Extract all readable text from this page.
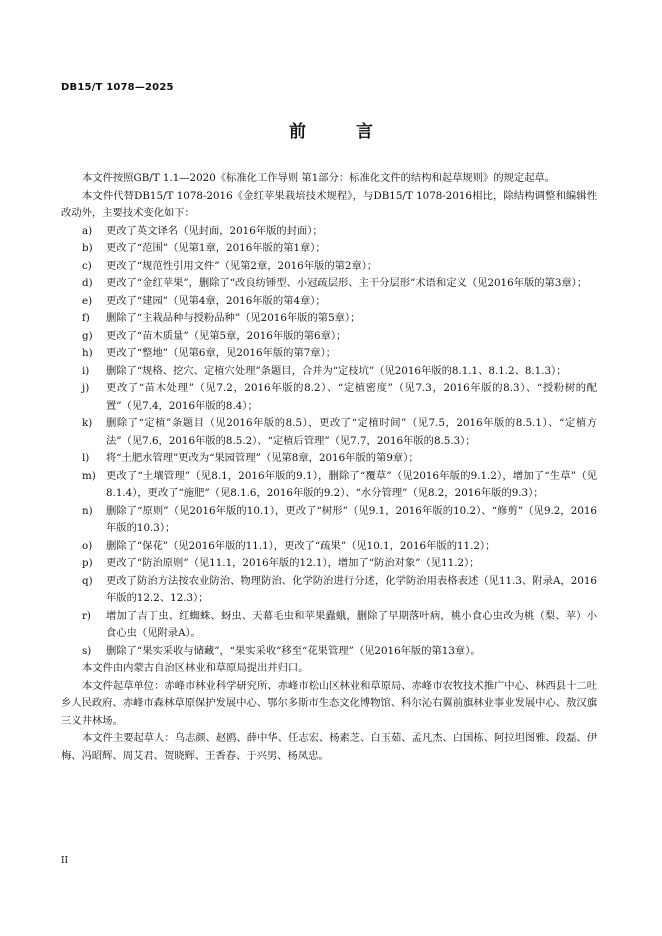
DB15/T 1078—2025
前 言

本文件按照GB/T 1.1—2020《标准化工作导则 第1部分：标准化文件的结构和起草规则》的规定起草。

本文件代替DB15/T 1078-2016《金红苹果栽培技术规程》，与DB15/T 1078-2016相比，除结构调整和编辑性改动外，主要技术变化如下：

a)	更改了英文译名（见封面，2016年版的封面）；
b)	更改了“范围”（见第1章，2016年版的第1章）；
c)	更改了“规范性引用文件”（见第2章，2016年版的第2章）；
d)	更改了“金红苹果”，删除了“改良纺锤型、小冠疏层形、主干分层形”术语和定义（见2016年版的第3章）；
e)	更改了“建园”（见第4章，2016年版的第4章）；
f)	删除了“主栽品种与授粉品种”（见2016年版的第5章）；
g)	更改了“苗木质量”（见第5章，2016年版的第6章）；
h)	更改了“整地”（见第6章，见2016年版的第7章）；
i)	删除了“规格、挖穴、定植穴处理”条题目，合并为“定枝坑”（见2016年版的8.1.1、8.1.2、8.1.3）；
j)	更改了“苗木处理”（见7.2，2016年版的8.2）、“定植密度”（见7.3，2016年版的8.3）、“授粉树的配置”（见7.4，2016年版的8.4）；
k)	删除了“定植”条题目（见2016年版的8.5），更改了“定植时间”（见7.5，2016年版的8.5.1）、“定植方法”（见7.6，2016年版的8.5.2）、“定植后管理”（见7.7，2016年版的8.5.3）；
l)	将“土肥水管理”更改为“果园管理”（见第8章，2016年版的第9章）；
m) 更改了“土壤管理”（见8.1，2016年版的9.1），删除了“覆草”（见2016年版的9.1.2），增加了“生草”（见8.1.4），更改了“施肥”（见8.1.6，2016年版的9.2）、“水分管理”（见8.2，2016年版的9.3）；
n)	删除了“原则”（见2016年版的10.1），更改了“树形”（见9.1，2016年版的10.2）、“修剪”（见9.2，2016年版的10.3）；
o)	删除了“保花”（见2016年版的11.1），更改了“疏果”（见10.1，2016年版的11.2）；
p)	更改了“防治原则”（见11.1，2016年版的12.1），增加了“防治对象”（见11.2）；
q)	更改了防治方法按农业防治、物理防治、化学防治进行分述，化学防治用表格表述（见11.3、附录A，2016年版的12.2、12.3）；
r)	增加了吉丁虫、红蜘蛛、蚜虫、天幕毛虫和苹果蠹蛾，删除了早期落叶病，桃小食心虫改为桃（梨、苹）小食心虫（见附录A）。
s)	删除了“果实采收与储藏”，“果实采收”移至“花果管理”（见2016年版的第13章）。

本文件由内蒙古自治区林业和草原局提出并归口。

本文件起草单位：赤峰市林业科学研究所、赤峰市松山区林业和草原局、赤峰市农牧技术推广中心、林西县十二吐乡人民政府、赤峰市森林草原保护发展中心、鄂尔多斯市生态文化博物馆、科尔沁右翼前旗林业事业发展中心、敖汉旗三义井林场。

本文件主要起草人：乌志颜、赵鸥、薛中华、任志宏、杨素芝、白玉茹、孟凡杰、白国栋、阿拉坦图雅、段磊、伊梅、冯昭辉、周艾君、贺晓辉、王香春、于兴男、杨凤忠。

II
